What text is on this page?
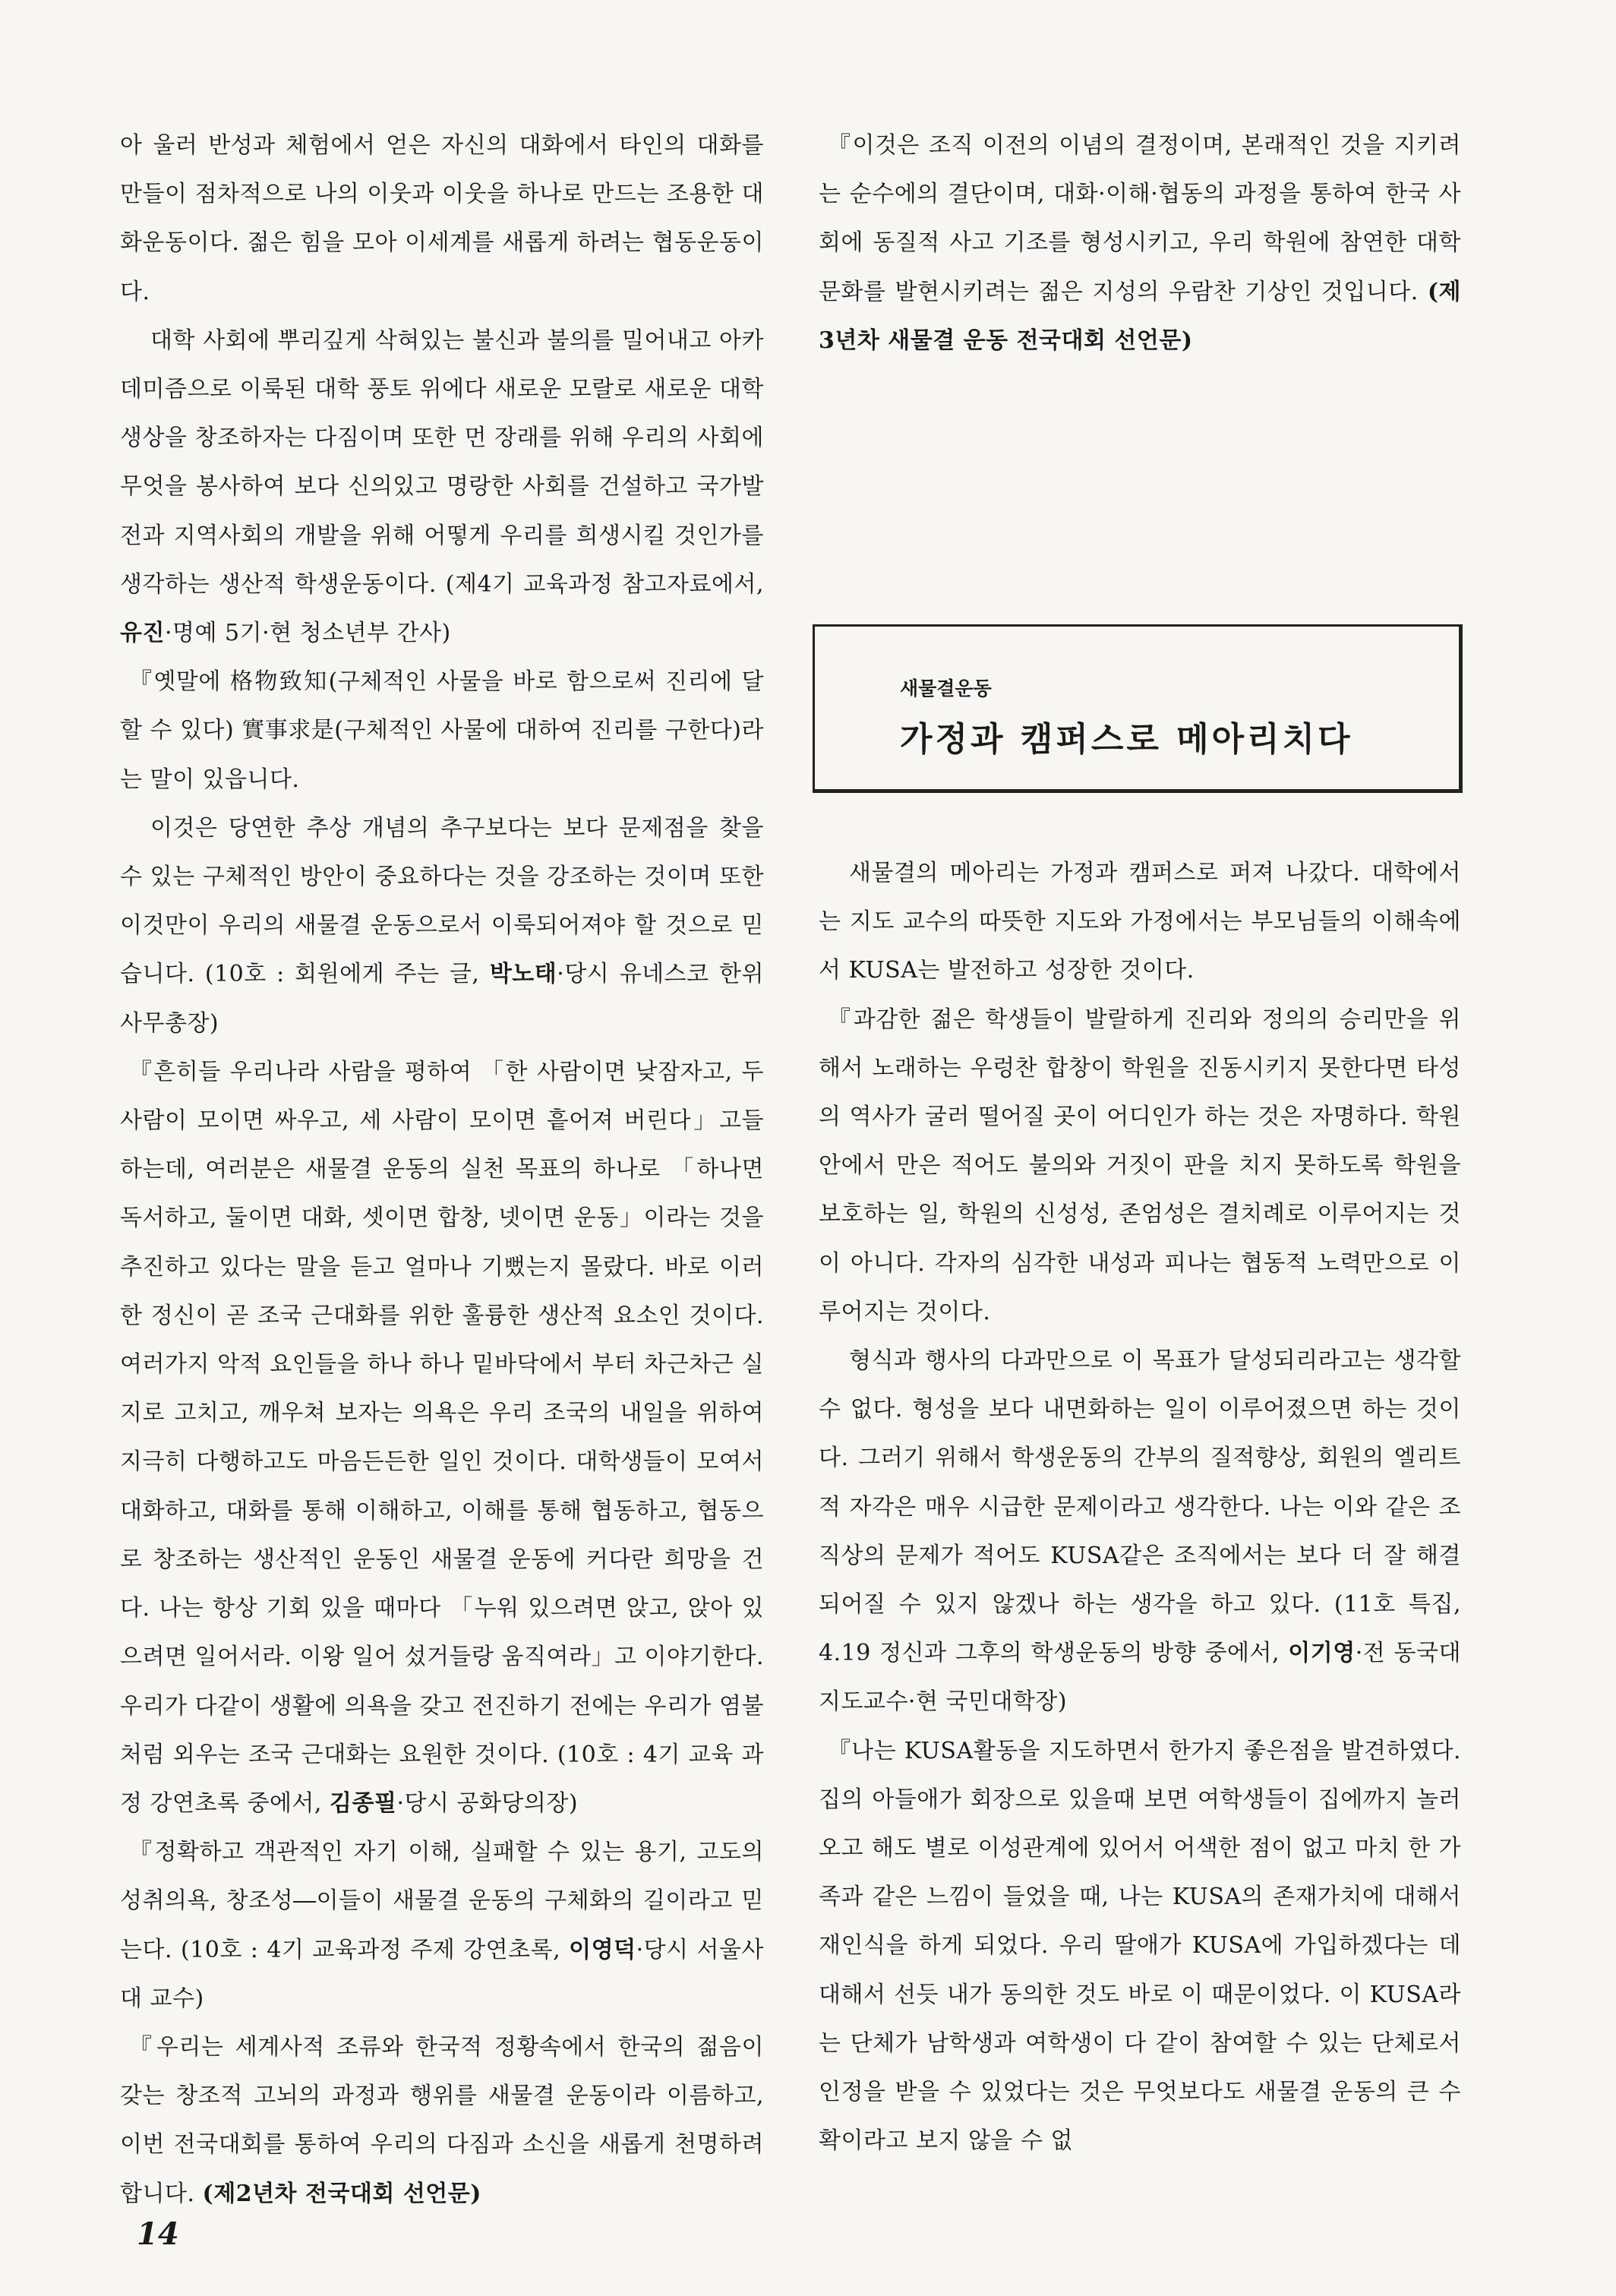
아 울러 반성과 체험에서 얻은 자신의 대화에서 타인의 대화를 만들이 점차적으로 나의 이웃과 이웃을 하나로 만드는 조용한 대화운동이다. 젊은 힘을 모아 이세계를 새롭게 하려는 협동운동이다.

대학 사회에 뿌리깊게 삭혀있는 불신과 불의를 밀어내고 아카데미즘으로 이룩된 대학 풍토 위에다 새로운 모랄로 새로운 대학생상을 창조하자는 다짐이며 또한 먼 장래를 위해 우리의 사회에 무엇을 봉사하여 보다 신의있고 명랑한 사회를 건설하고 국가발전과 지역사회의 개발을 위해 어떻게 우리를 희생시킬 것인가를 생각하는 생산적 학생운동이다. (제4기 교육과정 참고자료에서, 유진·명예 5기·현 청소년부 간사)

『옛말에 格物致知(구체적인 사물을 바로 함으로써 진리에 달할 수 있다) 實事求是(구체적인 사물에 대하여 진리를 구한다)라는 말이 있읍니다.

이것은 당연한 추상 개념의 추구보다는 보다 문제점을 찾을 수 있는 구체적인 방안이 중요하다는 것을 강조하는 것이며 또한 이것만이 우리의 새물결 운동으로서 이룩되어져야 할 것으로 믿습니다. (10호 : 회원에게 주는 글, 박노태·당시 유네스코 한위 사무총장)

『흔히들 우리나라 사람을 평하여 「한 사람이면 낮잠자고, 두 사람이 모이면 싸우고, 세 사람이 모이면 흩어져 버린다」고들 하는데, 여러분은 새물결 운동의 실천 목표의 하나로 「하나면 독서하고, 둘이면 대화, 셋이면 합창, 넷이면 운동」이라는 것을 추진하고 있다는 말을 듣고 얼마나 기뻤는지 몰랐다. 바로 이러한 정신이 곧 조국 근대화를 위한 훌륭한 생산적 요소인 것이다. 여러가지 악적 요인들을 하나 하나 밑바닥에서 부터 차근차근 실지로 고치고, 깨우쳐 보자는 의욕은 우리 조국의 내일을 위하여 지극히 다행하고도 마음든든한 일인 것이다. 대학생들이 모여서 대화하고, 대화를 통해 이해하고, 이해를 통해 협동하고, 협동으로 창조하는 생산적인 운동인 새물결 운동에 커다란 희망을 건다. 나는 항상 기회 있을 때마다 「누워 있으려면 앉고, 앉아 있으려면 일어서라. 이왕 일어 섰거들랑 움직여라」고 이야기한다. 우리가 다같이 생활에 의욕을 갖고 전진하기 전에는 우리가 염불처럼 외우는 조국 근대화는 요원한 것이다. (10호 : 4기 교육 과정 강연초록 중에서, 김종필·당시 공화당의장)

『정확하고 객관적인 자기 이해, 실패할 수 있는 용기, 고도의 성취의욕, 창조성―이들이 새물결 운동의 구체화의 길이라고 믿는다. (10호 : 4기 교육과정 주제 강연초록, 이영덕·당시 서울사대 교수)

『우리는 세계사적 조류와 한국적 정황속에서 한국의 젊음이 갖는 창조적 고뇌의 과정과 행위를 새물결 운동이라 이름하고, 이번 전국대회를 통하여 우리의 다짐과 소신을 새롭게 천명하려 합니다. (제2년차 전국대회 선언문)

『이것은 조직 이전의 이념의 결정이며, 본래적인 것을 지키려는 순수에의 결단이며, 대화·이해·협동의 과정을 통하여 한국 사회에 동질적 사고 기조를 형성시키고, 우리 학원에 참연한 대학문화를 발현시키려는 젊은 지성의 우람찬 기상인 것입니다. (제3년차 새물결 운동 전국대회 선언문)

새물결운동
가정과 캠퍼스로 메아리치다

새물결의 메아리는 가정과 캠퍼스로 퍼져 나갔다. 대학에서는 지도 교수의 따뜻한 지도와 가정에서는 부모님들의 이해속에서 KUSA는 발전하고 성장한 것이다.

『과감한 젊은 학생들이 발랄하게 진리와 정의의 승리만을 위해서 노래하는 우렁찬 합창이 학원을 진동시키지 못한다면 타성의 역사가 굴러 떨어질 곳이 어디인가 하는 것은 자명하다. 학원안에서 만은 적어도 불의와 거짓이 판을 치지 못하도록 학원을 보호하는 일, 학원의 신성성, 존엄성은 결치례로 이루어지는 것이 아니다. 각자의 심각한 내성과 피나는 협동적 노력만으로 이루어지는 것이다.

형식과 행사의 다과만으로 이 목표가 달성되리라고는 생각할 수 없다. 형성을 보다 내면화하는 일이 이루어졌으면 하는 것이다. 그러기 위해서 학생운동의 간부의 질적향상, 회원의 엘리트적 자각은 매우 시급한 문제이라고 생각한다. 나는 이와 같은 조직상의 문제가 적어도 KUSA같은 조직에서는 보다 더 잘 해결되어질 수 있지 않겠나 하는 생각을 하고 있다. (11호 특집, 4.19 정신과 그후의 학생운동의 방향 중에서, 이기영·전 동국대 지도교수·현 국민대학장)

『나는 KUSA활동을 지도하면서 한가지 좋은점을 발견하였다. 집의 아들애가 회장으로 있을때 보면 여학생들이 집에까지 놀러오고 해도 별로 이성관계에 있어서 어색한 점이 없고 마치 한 가족과 같은 느낌이 들었을 때, 나는 KUSA의 존재가치에 대해서 재인식을 하게 되었다. 우리 딸애가 KUSA에 가입하겠다는 데 대해서 선듯 내가 동의한 것도 바로 이 때문이었다. 이 KUSA라는 단체가 남학생과 여학생이 다 같이 참여할 수 있는 단체로서 인정을 받을 수 있었다는 것은 무엇보다도 새물결 운동의 큰 수확이라고 보지 않을 수 없

14
